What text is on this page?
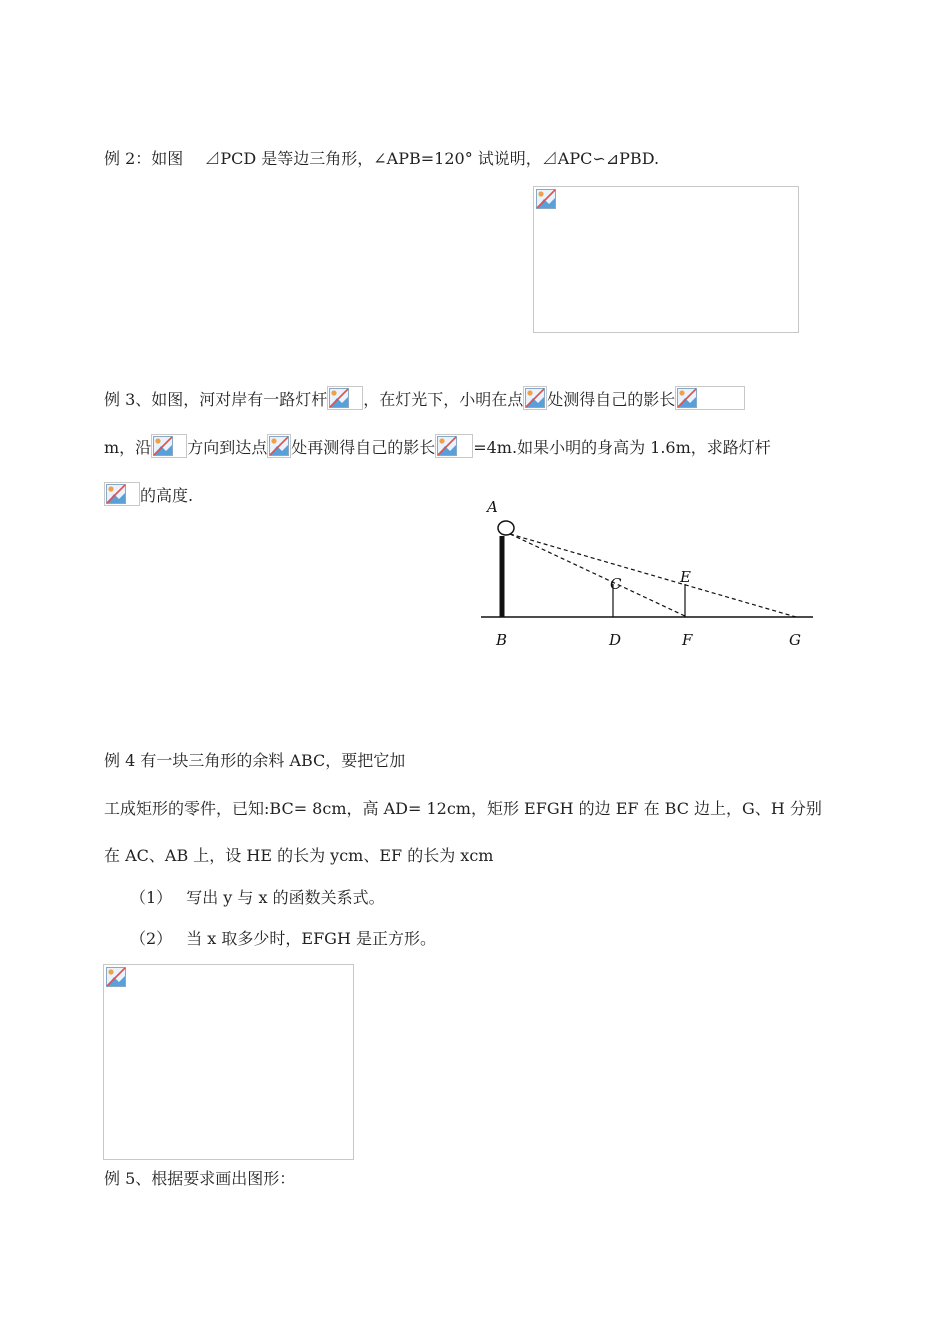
例 2：如图　 ⊿PCD 是等边三角形，∠APB=120° 试说明，⊿APC∽⊿PBD.
例 3、如图，河对岸有一路灯杆 ，在灯光下，小明在点 处测得自己的影长
m，沿 方向到达点 处再测得自己的影长 =4m.如果小明的身高为 1.6m，求路灯杆
的高度.
A
B
C
D
E
F	G
例 4 有一块三角形的余料 ABC，要把它加
工成矩形的零件，已知:BC= 8cm，高 AD= 12cm，矩形 EFGH 的边 EF 在 BC 边上，G、H 分别
在 AC、AB 上，设 HE 的长为 ycm、EF 的长为 xcm
（1） 写出 y 与 x 的函数关系式。
（2） 当 x 取多少时，EFGH 是正方形。
例 5、根据要求画出图形：
